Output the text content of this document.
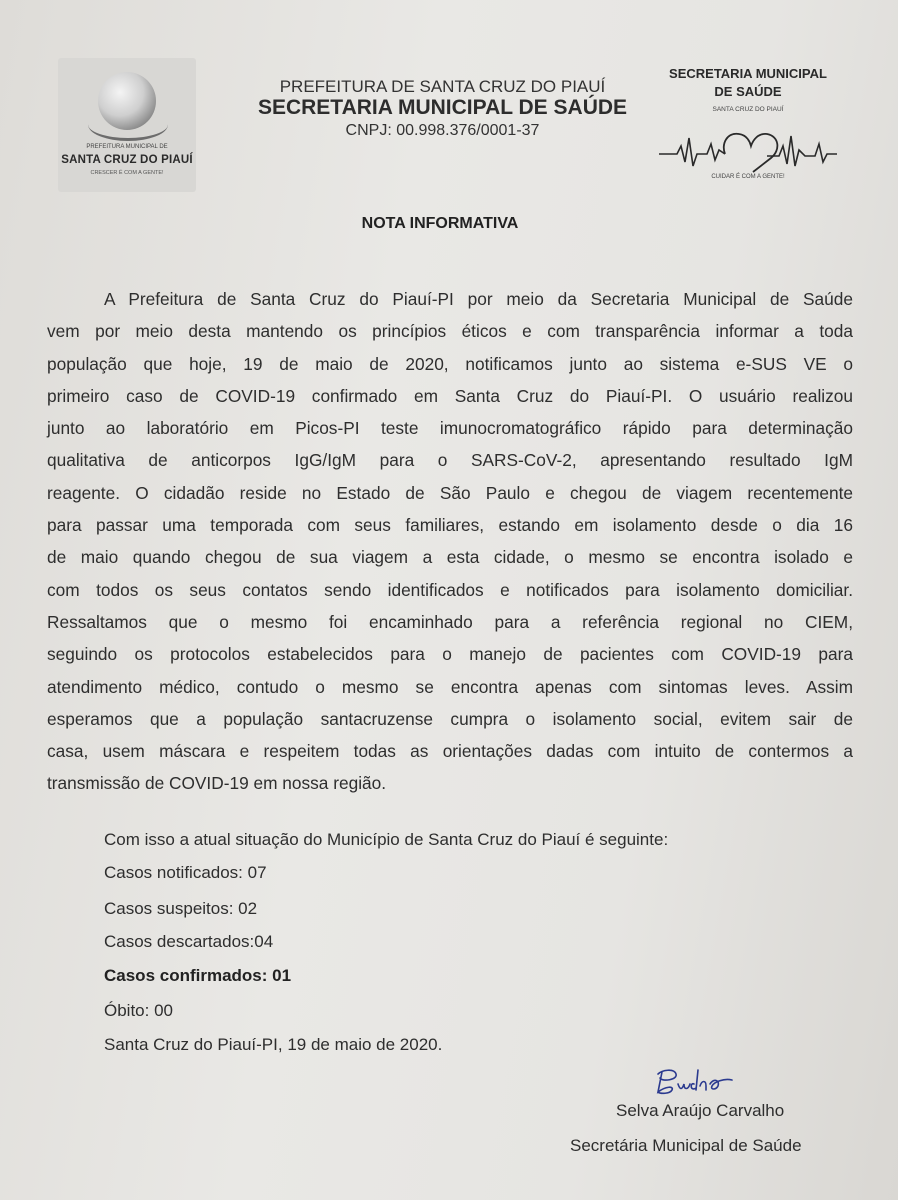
PREFEITURA MUNICIPAL DE
SANTA CRUZ DO PIAUÍ
CRESCER É COM A GENTE!
PREFEITURA DE SANTA CRUZ DO PIAUÍ
SECRETARIA MUNICIPAL DE SAÚDE
CNPJ: 00.998.376/0001-37
SECRETARIA MUNICIPAL
DE SAÚDE
SANTA CRUZ DO PIAUÍ
CUIDAR É COM A GENTE!
NOTA INFORMATIVA
A Prefeitura de Santa Cruz do Piauí-PI por meio da Secretaria Municipal de Saúde
vem por meio desta mantendo os princípios éticos e com transparência informar a toda
população que hoje, 19 de maio de 2020, notificamos junto ao sistema e-SUS VE o
primeiro caso de COVID-19 confirmado em Santa Cruz do Piauí-PI. O usuário realizou
junto ao laboratório em Picos-PI teste imunocromatográfico rápido para determinação
qualitativa de anticorpos IgG/IgM para o SARS-CoV-2, apresentando resultado IgM
reagente. O cidadão reside no Estado de São Paulo e chegou de viagem recentemente
para passar uma temporada com seus familiares, estando em isolamento desde o dia 16
de maio quando chegou de sua viagem a esta cidade, o mesmo se encontra isolado e
com todos os seus contatos sendo identificados e notificados para isolamento domiciliar.
Ressaltamos que o mesmo foi encaminhado para a referência regional no CIEM,
seguindo os protocolos estabelecidos para o manejo de pacientes com COVID-19 para
atendimento médico, contudo o mesmo se encontra apenas com sintomas leves. Assim
esperamos que a população santacruzense cumpra o isolamento social, evitem sair de
casa, usem máscara e respeitem todas as orientações dadas com intuito de contermos a
transmissão de COVID-19 em nossa região.
Com isso a atual situação do Município de Santa Cruz do Piauí é seguinte:
Casos notificados: 07
Casos suspeitos: 02
Casos descartados:04
Casos confirmados: 01
Óbito: 00
Santa Cruz do Piauí-PI, 19 de maio de 2020.
Selva Araújo Carvalho
Secretária Municipal de Saúde
